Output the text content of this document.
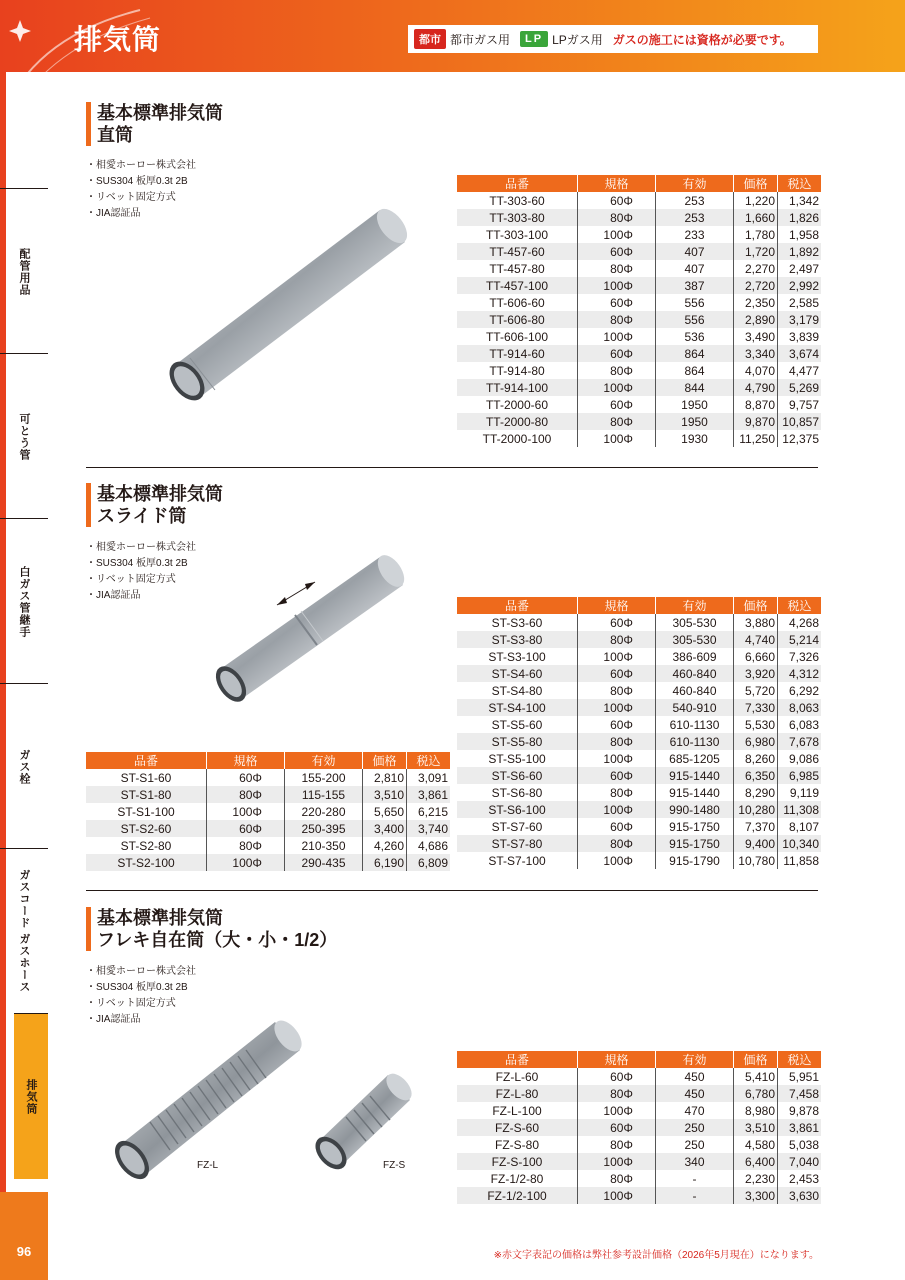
排気筒	都市 都市ガス用	LP LPガス用 ガスの施工には資格が必要です。
配管用品
可とう管
白ガス管継手
ガス栓
ガスコード ガスホース
排気筒
96
基本標準排気筒
直筒
・ 相愛ホーロー株式会社
・ SUS304 板厚0.3t 2B
・ リベット固定方式
・ JIA認証品
品番	規格	有効	価格	税込
TT-303-60	60Φ	253	1,220	1,342
TT-303-80	80Φ	253	1,660	1,826
TT-303-100	100Φ	233	1,780	1,958
TT-457-60	60Φ	407	1,720	1,892
TT-457-80	80Φ	407	2,270	2,497
TT-457-100	100Φ	387	2,720	2,992
TT-606-60	60Φ	556	2,350	2,585
TT-606-80	80Φ	556	2,890	3,179
TT-606-100	100Φ	536	3,490	3,839
TT-914-60	60Φ	864	3,340	3,674
TT-914-80	80Φ	864	4,070	4,477
TT-914-100	100Φ	844	4,790	5,269
TT-2000-60	60Φ	1950	8,870	9,757
TT-2000-80	80Φ	1950	9,870	10,857
TT-2000-100	100Φ	1930	11,250	12,375
基本標準排気筒
スライド筒
・ 相愛ホーロー株式会社
・ SUS304 板厚0.3t 2B
・ リベット固定方式
・ JIA認証品
品番	規格	有効	価格	税込
ST-S1-60	60Φ	155-200	2,810	3,091
ST-S1-80	80Φ	115-155	3,510	3,861
ST-S1-100	100Φ	220-280	5,650	6,215
ST-S2-60	60Φ	250-395	3,400	3,740
ST-S2-80	80Φ	210-350	4,260	4,686
ST-S2-100	100Φ	290-435	6,190	6,809
品番	規格	有効	価格	税込
ST-S3-60	60Φ	305-530	3,880	4,268
ST-S3-80	80Φ	305-530	4,740	5,214
ST-S3-100	100Φ	386-609	6,660	7,326
ST-S4-60	60Φ	460-840	3,920	4,312
ST-S4-80	80Φ	460-840	5,720	6,292
ST-S4-100	100Φ	540-910	7,330	8,063
ST-S5-60	60Φ	610-1130	5,530	6,083
ST-S5-80	80Φ	610-1130	6,980	7,678
ST-S5-100	100Φ	685-1205	8,260	9,086
ST-S6-60	60Φ	915-1440	6,350	6,985
ST-S6-80	80Φ	915-1440	8,290	9,119
ST-S6-100	100Φ	990-1480	10,280	11,308
ST-S7-60	60Φ	915-1750	7,370	8,107
ST-S7-80	80Φ	915-1750	9,400	10,340
ST-S7-100	100Φ	915-1790	10,780	11,858
基本標準排気筒
フレキ自在筒（大・小・1/2）
・ 相愛ホーロー株式会社
・ SUS304 板厚0.3t 2B
・ リベット固定方式
・ JIA認証品
FZ-L	FZ-S
品番	規格	有効	価格	税込
FZ-L-60	60Φ	450	5,410	5,951
FZ-L-80	80Φ	450	6,780	7,458
FZ-L-100	100Φ	470	8,980	9,878
FZ-S-60	60Φ	250	3,510	3,861
FZ-S-80	80Φ	250	4,580	5,038
FZ-S-100	100Φ	340	6,400	7,040
FZ-1/2-80	80Φ	-	2,230	2,453
FZ-1/2-100	100Φ	-	3,300	3,630
※赤文字表記の価格は弊社参考設計価格（2026年5月現在）になります。
